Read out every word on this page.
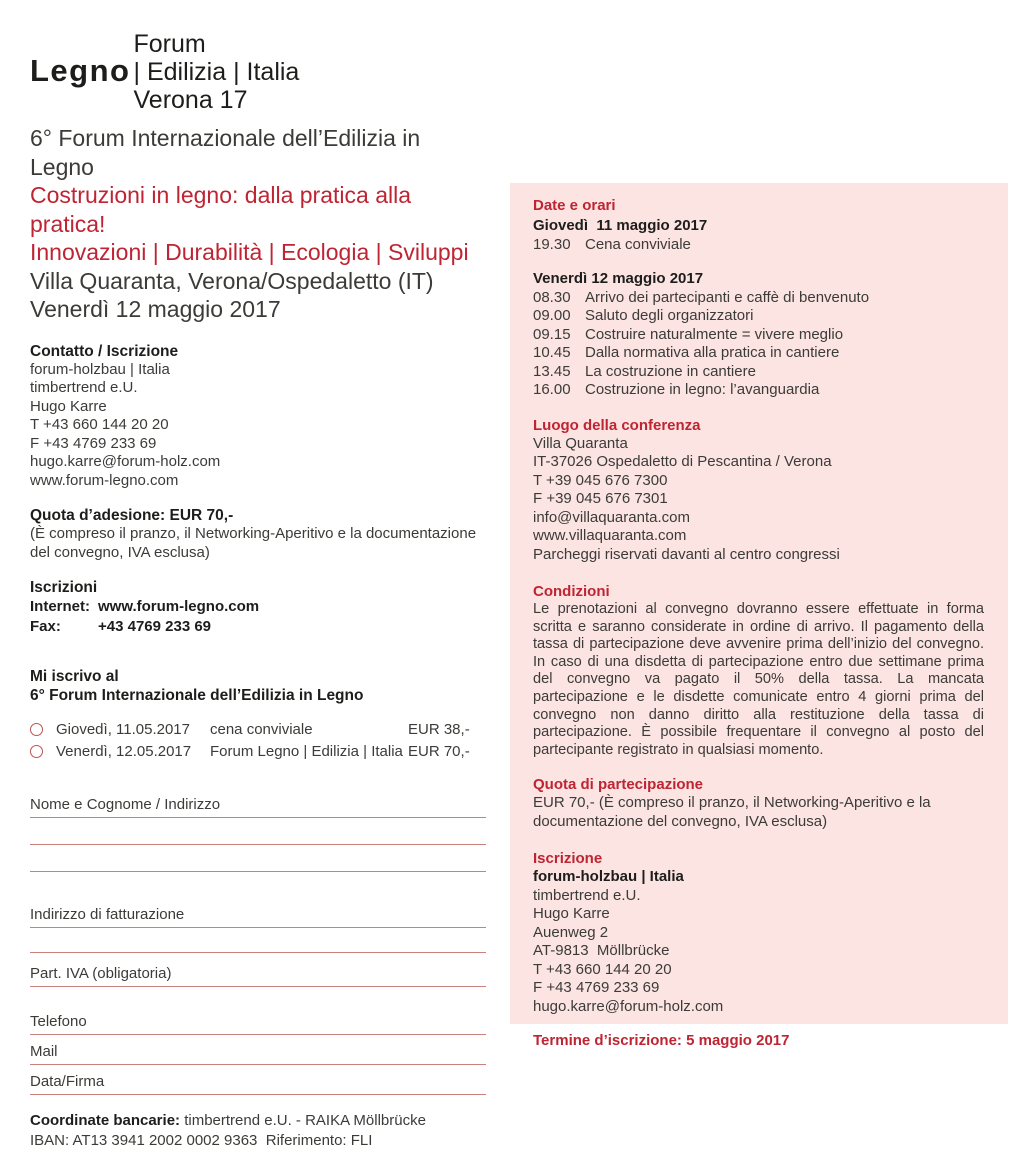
Legno
Forum
| Edilizia | Italia
Verona 17
6° Forum Internazionale dell’Edilizia in Legno
Costruzioni in legno: dalla pratica alla pratica!
Innovazioni | Durabilità | Ecologia | Sviluppi
Villa Quaranta, Verona/Ospedaletto (IT)
Venerdì 12 maggio 2017
Contatto / Iscrizione
forum-holzbau | Italia
timbertrend e.U.
Hugo Karre
T +43 660 144 20 20
F +43 4769 233 69
hugo.karre@forum-holz.com
www.forum-legno.com
Quota d’adesione: EUR 70,-
(È compreso il pranzo, il Networking-Aperitivo e la documentazione del convegno, IVA esclusa)
Iscrizioni
Internet: www.forum-legno.com
Fax:	+43 4769 233 69
Mi iscrivo al
6° Forum Internazionale dell’Edilizia in Legno
Giovedì, 11.05.2017	cena conviviale	EUR 38,-
Venerdì, 12.05.2017	Forum Legno | Edilizia | Italia EUR 70,-
Nome e Cognome / Indirizzo
Indirizzo di fatturazione
Part. IVA (obligatoria)
Telefono
Mail
Data/Firma
Coordinate bancarie: timbertrend e.U. - RAIKA Möllbrücke
IBAN: AT13 3941 2002 0002 9363  Riferimento: FLI
Date e orari
Giovedì  11 maggio 2017
19.30 Cena conviviale
Venerdì 12 maggio 2017
08.30 Arrivo dei partecipanti e caffè di benvenuto
09.00 Saluto degli organizzatori
09.15 Costruire naturalmente = vivere meglio
10.45 Dalla normativa alla pratica in cantiere
13.45 La costruzione in cantiere
16.00 Costruzione in legno: l’avanguardia
Luogo della conferenza
Villa Quaranta
IT-37026 Ospedaletto di Pescantina / Verona
T +39 045 676 7300
F +39 045 676 7301
info@villaquaranta.com
www.villaquaranta.com
Parcheggi riservati davanti al centro congressi
Condizioni
Le prenotazioni al convegno dovranno essere effettuate in forma scritta e saranno considerate in ordine di arrivo. Il pagamento della tassa di partecipazione deve avvenire prima dell’inizio del convegno. In caso di una disdetta di partecipazione entro due settimane prima del convegno va pagato il 50% della tassa. La mancata partecipazione e le disdette comunicate entro 4 giorni prima del convegno non danno diritto alla restituzione della tassa di partecipazione. È possibile frequentare il convegno al posto del partecipante registrato in qualsiasi momento.
Quota di partecipazione
EUR 70,- (È compreso il pranzo, il Networking-Aperitivo e la documentazione del convegno, IVA esclusa)
Iscrizione
forum-holzbau | Italia
timbertrend e.U.
Hugo Karre
Auenweg 2
AT-9813  Möllbrücke
T +43 660 144 20 20
F +43 4769 233 69
hugo.karre@forum-holz.com
Termine d’iscrizione: 5 maggio 2017
